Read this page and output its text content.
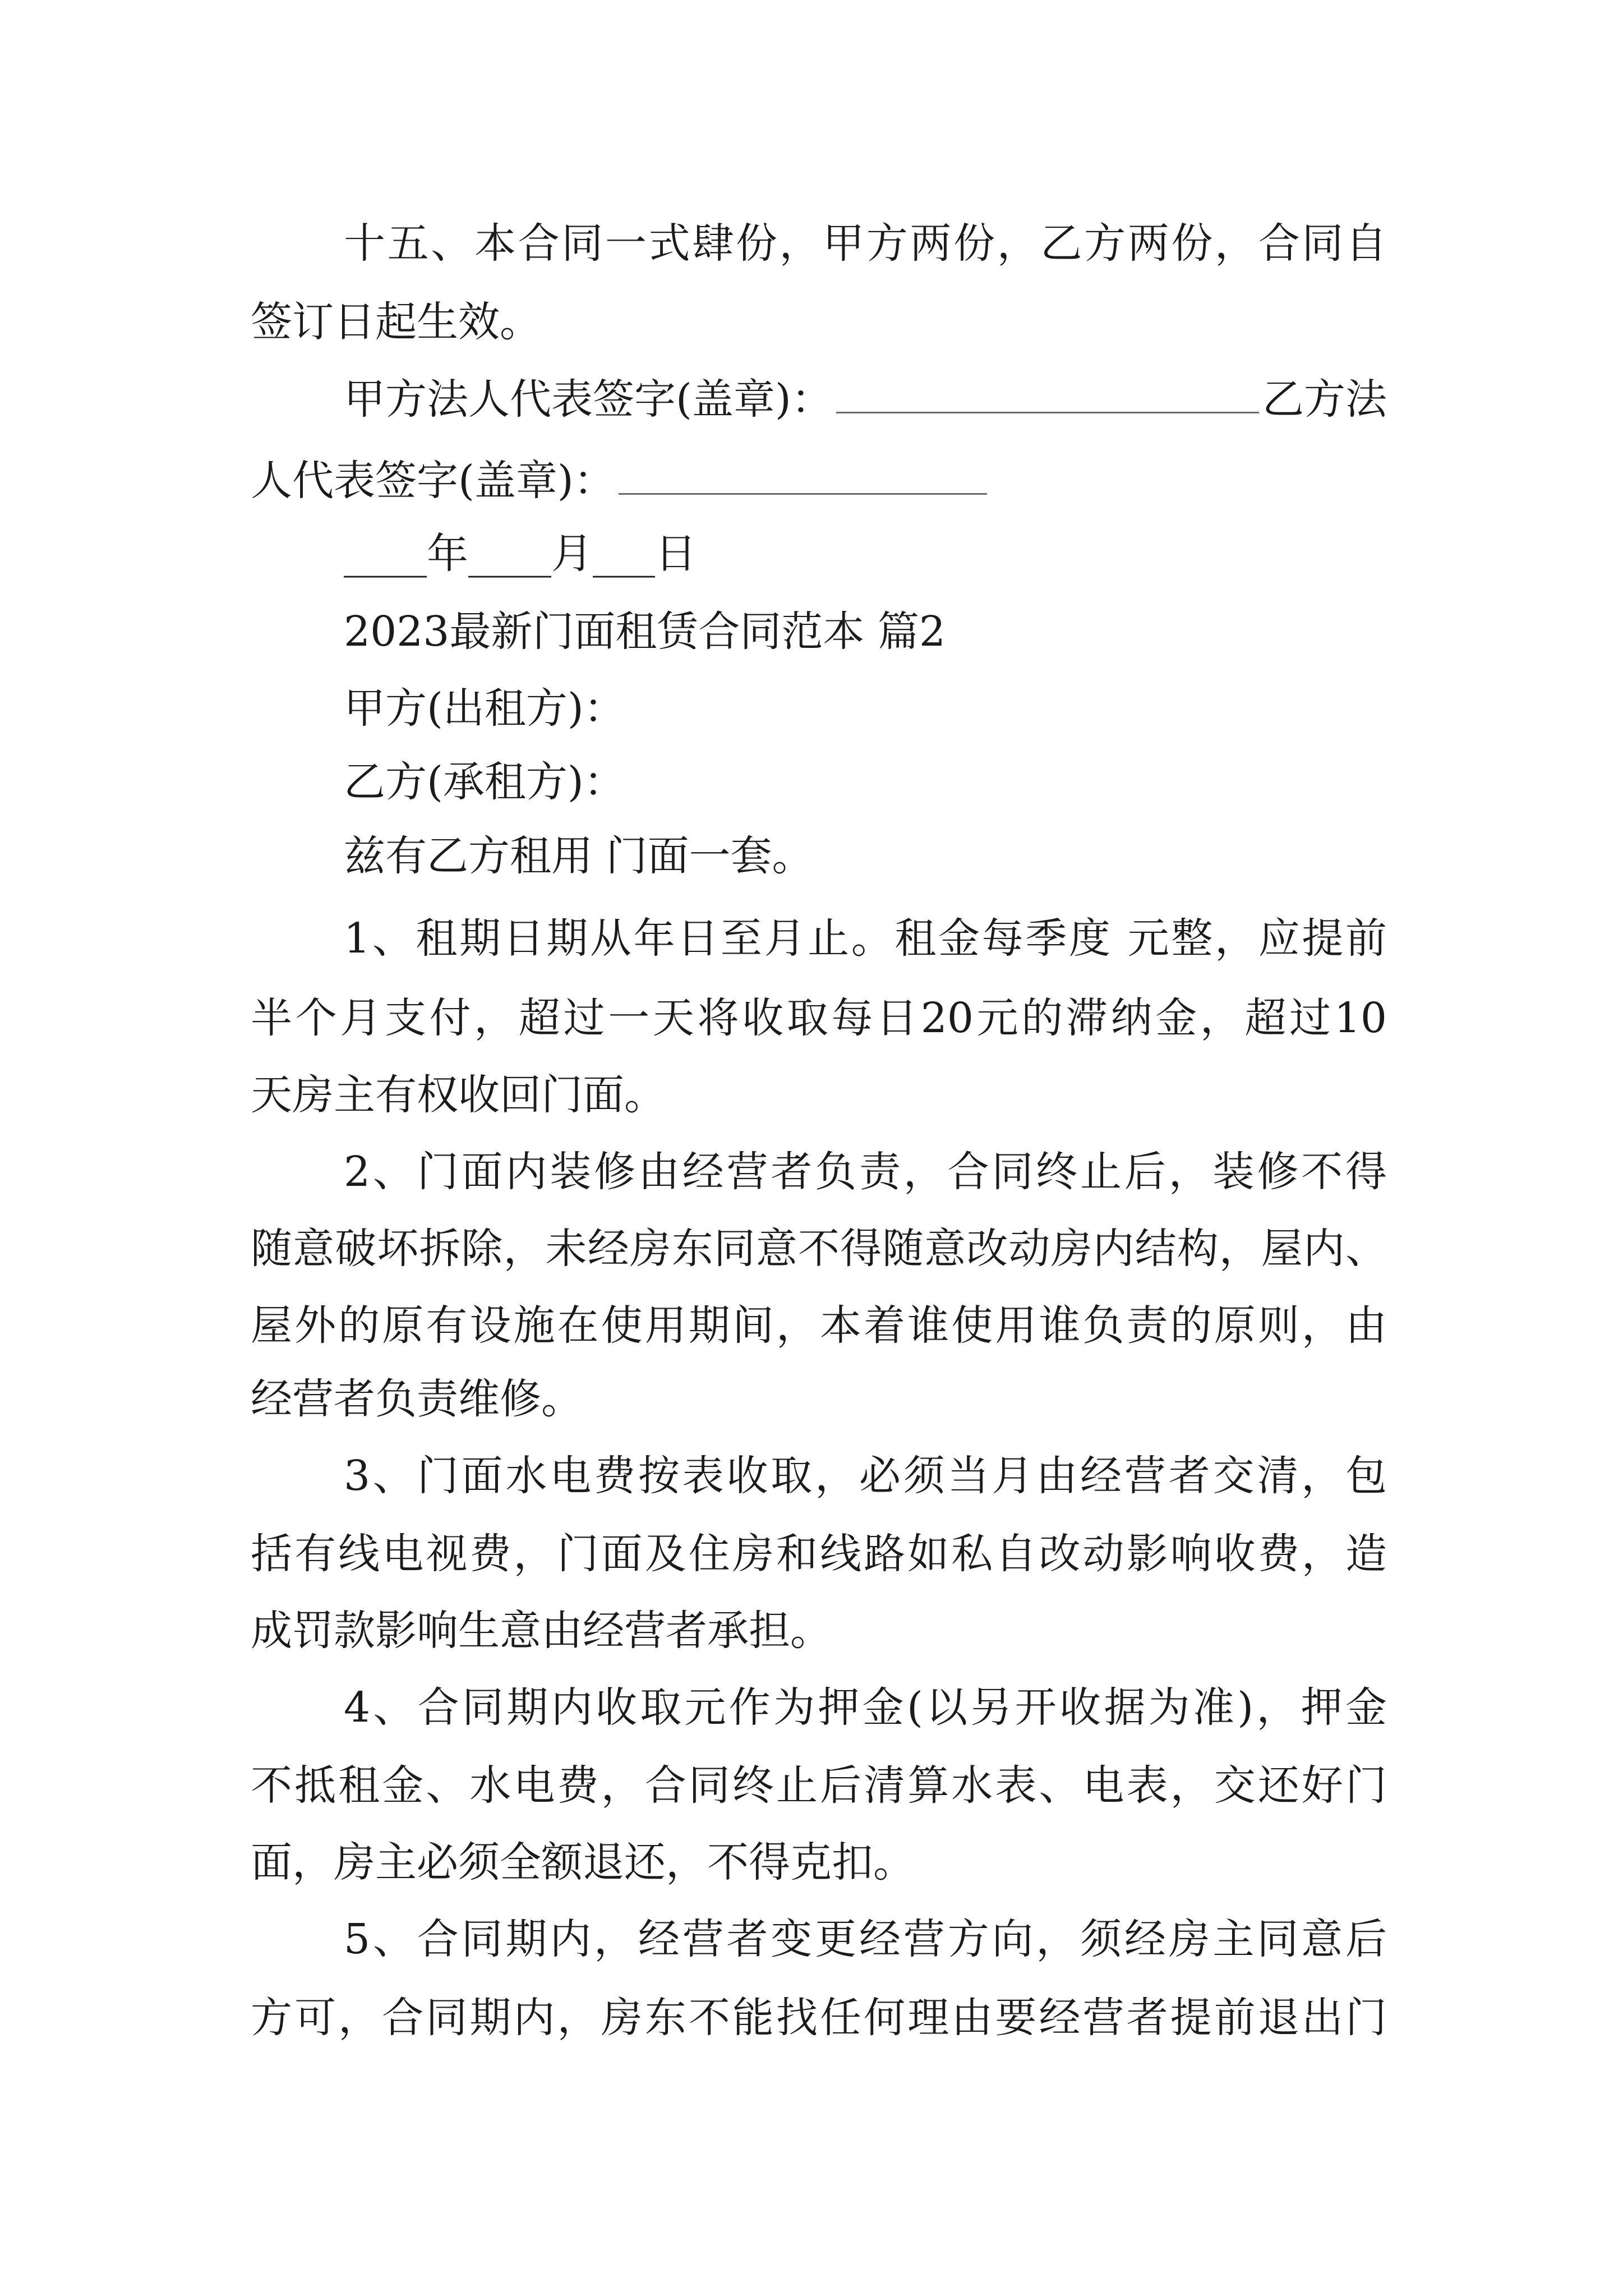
十五、本合同一式肆份，甲方两份，乙方两份，合同自
签订日起生效。
甲方法人代表签字(盖章)：	乙方法
人代表签字(盖章)：
____年____月___日
2023最新门面租赁合同范本 篇2
甲方(出租方)：
乙方(承租方)：
兹有乙方租用 门面一套。
1、租期日期从年日至月止。租金每季度 元整，应提前
半个月支付，超过一天将收取每日20元的滞纳金，超过10
天房主有权收回门面。
2、门面内装修由经营者负责，合同终止后，装修不得
随意破坏拆除，未经房东同意不得随意改动房内结构，屋内、
屋外的原有设施在使用期间，本着谁使用谁负责的原则，由
经营者负责维修。
3、门面水电费按表收取，必须当月由经营者交清，包
括有线电视费，门面及住房和线路如私自改动影响收费，造
成罚款影响生意由经营者承担。
4、合同期内收取元作为押金(以另开收据为准)，押金
不抵租金、水电费，合同终止后清算水表、电表，交还好门
面，房主必须全额退还，不得克扣。
5、合同期内，经营者变更经营方向，须经房主同意后
方可，合同期内，房东不能找任何理由要经营者提前退出门
